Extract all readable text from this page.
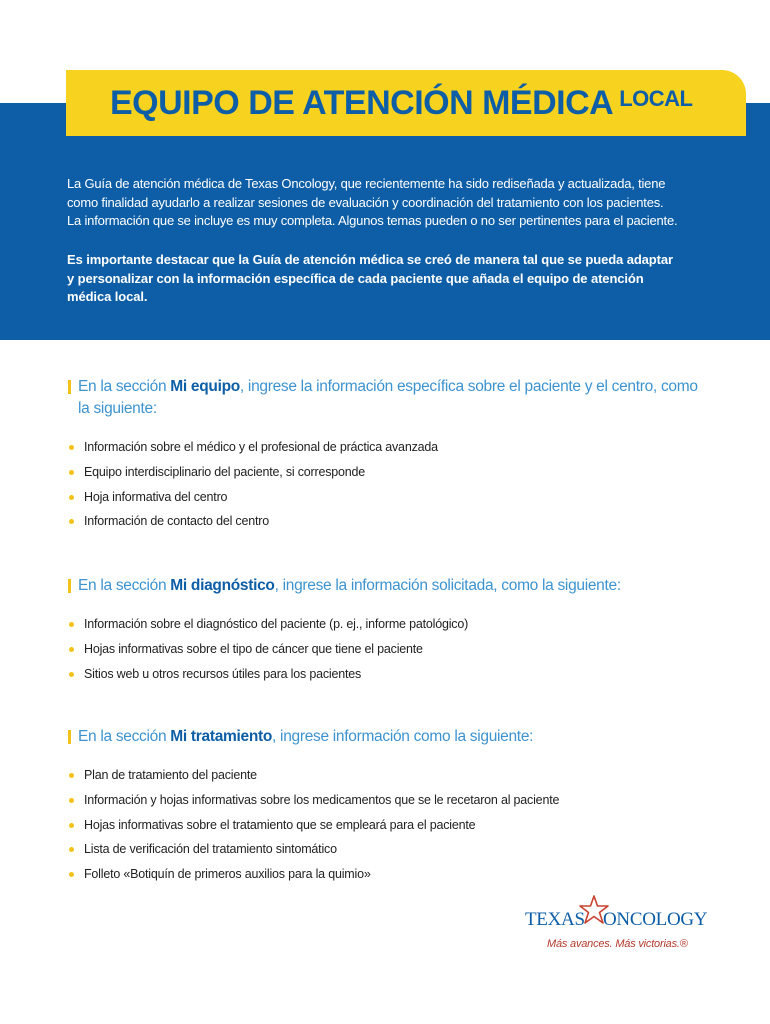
EQUIPO DE ATENCIÓN MÉDICA LOCAL
La Guía de atención médica de Texas Oncology, que recientemente ha sido rediseñada y actualizada, tiene
como finalidad ayudarlo a realizar sesiones de evaluación y coordinación del tratamiento con los pacientes.
La información que se incluye es muy completa. Algunos temas pueden o no ser pertinentes para el paciente.
Es importante destacar que la Guía de atención médica se creó de manera tal que se pueda adaptar
y personalizar con la información específica de cada paciente que añada el equipo de atención
médica local.
En la sección Mi equipo, ingrese la información específica sobre el paciente y el centro, como
la siguiente:
Información sobre el médico y el profesional de práctica avanzada
Equipo interdisciplinario del paciente, si corresponde
Hoja informativa del centro
Información de contacto del centro
En la sección Mi diagnóstico, ingrese la información solicitada, como la siguiente:
Información sobre el diagnóstico del paciente (p. ej., informe patológico)
Hojas informativas sobre el tipo de cáncer que tiene el paciente
Sitios web u otros recursos útiles para los pacientes
En la sección Mi tratamiento, ingrese información como la siguiente:
Plan de tratamiento del paciente
Información y hojas informativas sobre los medicamentos que se le recetaron al paciente
Hojas informativas sobre el tratamiento que se empleará para el paciente
Lista de verificación del tratamiento sintomático
Folleto «Botiquín de primeros auxilios para la quimio»
TEXAS ONCOLOGY
Más avances. Más victorias.®
